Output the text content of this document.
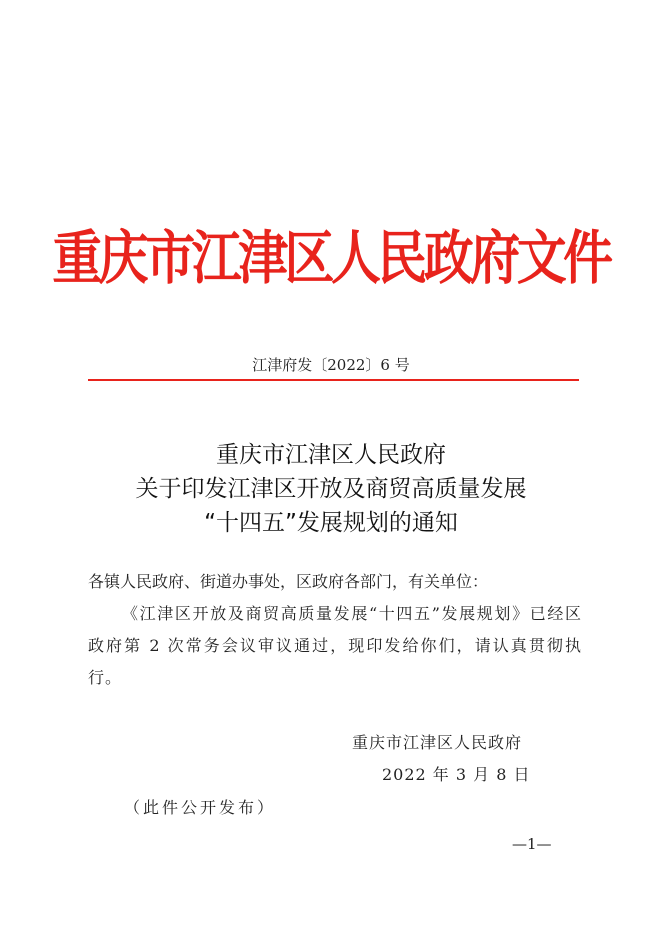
重庆市江津区人民政府文件
江津府发〔2022〕6 号
重庆市江津区人民政府
关于印发江津区开放及商贸高质量发展
“十四五”发展规划的通知
各镇人民政府、街道办事处，区政府各部门，有关单位：
《江津区开放及商贸高质量发展“十四五”发展规划》已经区政府第 2 次常务会议审议通过，现印发给你们，请认真贯彻执行。
重庆市江津区人民政府
2022 年 3 月 8 日
（此件公开发布）
—1—
